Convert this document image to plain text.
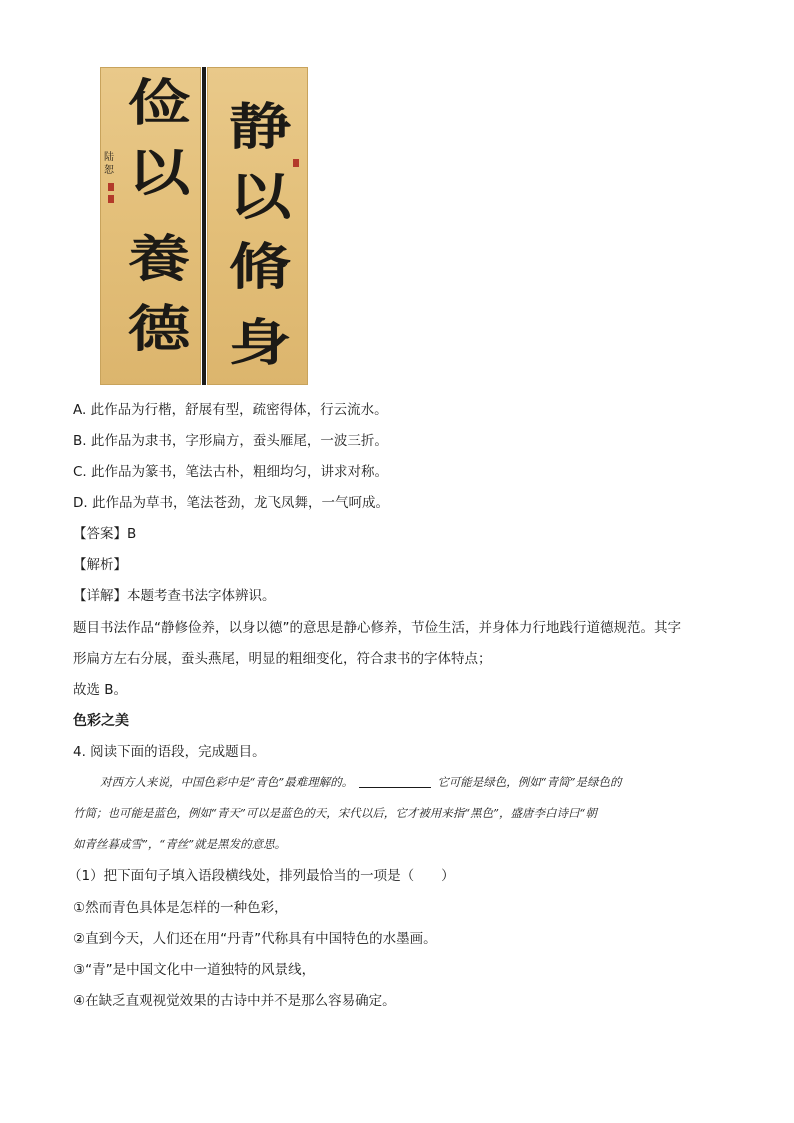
俭
以
養
德
陆
恕
静
以
脩
身
A. 此作品为行楷，舒展有型，疏密得体，行云流水。
B. 此作品为隶书，字形扁方，蚕头雁尾，一波三折。
C. 此作品为篆书，笔法古朴，粗细均匀，讲求对称。
D. 此作品为草书，笔法苍劲，龙飞凤舞，一气呵成。
【答案】B
【解析】
【详解】本题考查书法字体辨识。
题目书法作品“静修俭养，以身以德”的意思是静心修养，节俭生活，并身体力行地践行道德规范。其字
形扁方左右分展，蚕头燕尾，明显的粗细变化，符合隶书的字体特点；
故选 B。
色彩之美
4. 阅读下面的语段，完成题目。
对西方人来说，中国色彩中是“青色”最难理解的。	它可能是绿色，例如“青简”是绿色的
竹简；也可能是蓝色，例如“青天”可以是蓝色的天，宋代以后，它才被用来指“黑色”，盛唐李白诗曰“朝
如青丝暮成雪”，“青丝”就是黑发的意思。
（1）把下面句子填入语段横线处，排列最恰当的一项是（　　）
①然而青色具体是怎样的一种色彩，
②直到今天，人们还在用“丹青”代称具有中国特色的水墨画。
③“青”是中国文化中一道独特的风景线，
④在缺乏直观视觉效果的古诗中并不是那么容易确定。
